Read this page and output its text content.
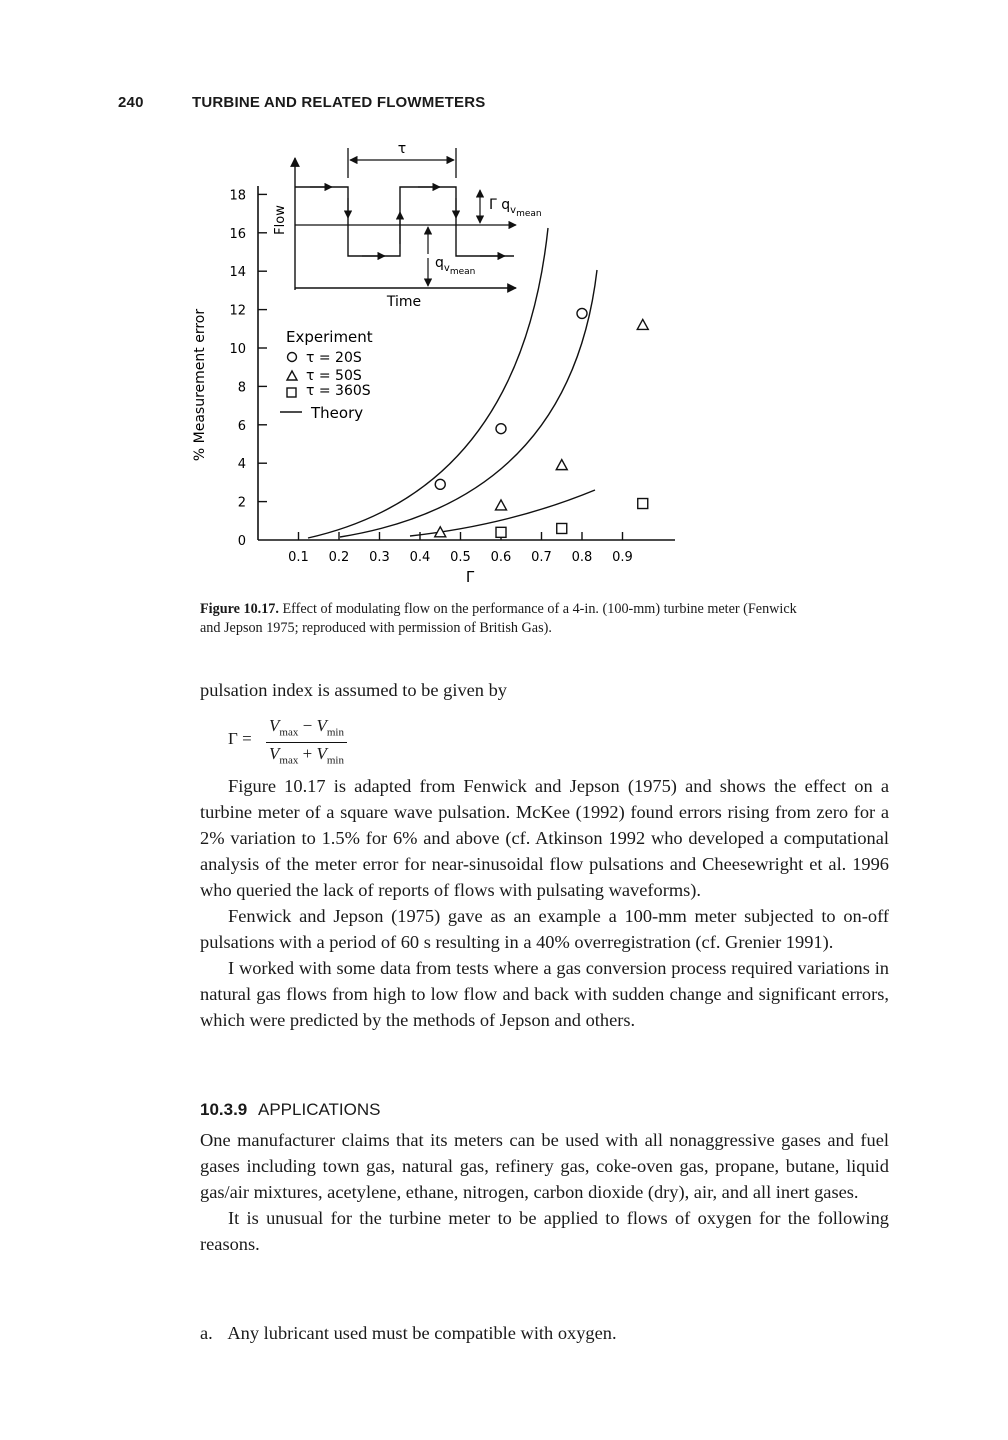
240	TURBINE AND RELATED FLOWMETERS
0
2
4
6
8
10
12
14
16
18
0.1 0.2 0.3 0.4 0.5 0.6 0.7 0.8 0.9
% Measurement error
Γ
Flow
Time
τ
Γ $q_{vmean}$
$q_{vmean}$
Experiment
τ = 20S
τ = 50S
τ = 360S
Theory
Figure 10.17. Effect of modulating flow on the performance of a 4-in. (100-mm) turbine meter (Fenwick and Jepson 1975; reproduced with permission of British Gas).
pulsation index is assumed to be given by
Γ =
$V_{max} - V_{min}$
$V_{max} + V_{min}$

Figure 10.17 is adapted from Fenwick and Jepson (1975) and shows the effect on a turbine meter of a square wave pulsation. McKee (1992) found errors rising from zero for a 2% variation to 1.5% for 6% and above (cf. Atkinson 1992 who developed a computational analysis of the meter error for near-sinusoidal flow pulsations and Cheesewright et al. 1996 who queried the lack of reports of flows with pulsating waveforms).

Fenwick and Jepson (1975) gave as an example a 100-mm meter subjected to on-off pulsations with a period of 60 s resulting in a 40% overregistration (cf. Grenier 1991).

I worked with some data from tests where a gas conversion process required variations in natural gas flows from high to low flow and back with sudden change and significant errors, which were predicted by the methods of Jepson and others.

10.3.9 APPLICATIONS

One manufacturer claims that its meters can be used with all nonaggressive gases and fuel gases including town gas, natural gas, refinery gas, coke-oven gas, propane, butane, liquid gas/air mixtures, acetylene, ethane, nitrogen, carbon dioxide (dry), air, and all inert gases.

It is unusual for the turbine meter to be applied to flows of oxygen for the following reasons.

a. Any lubricant used must be compatible with oxygen.
